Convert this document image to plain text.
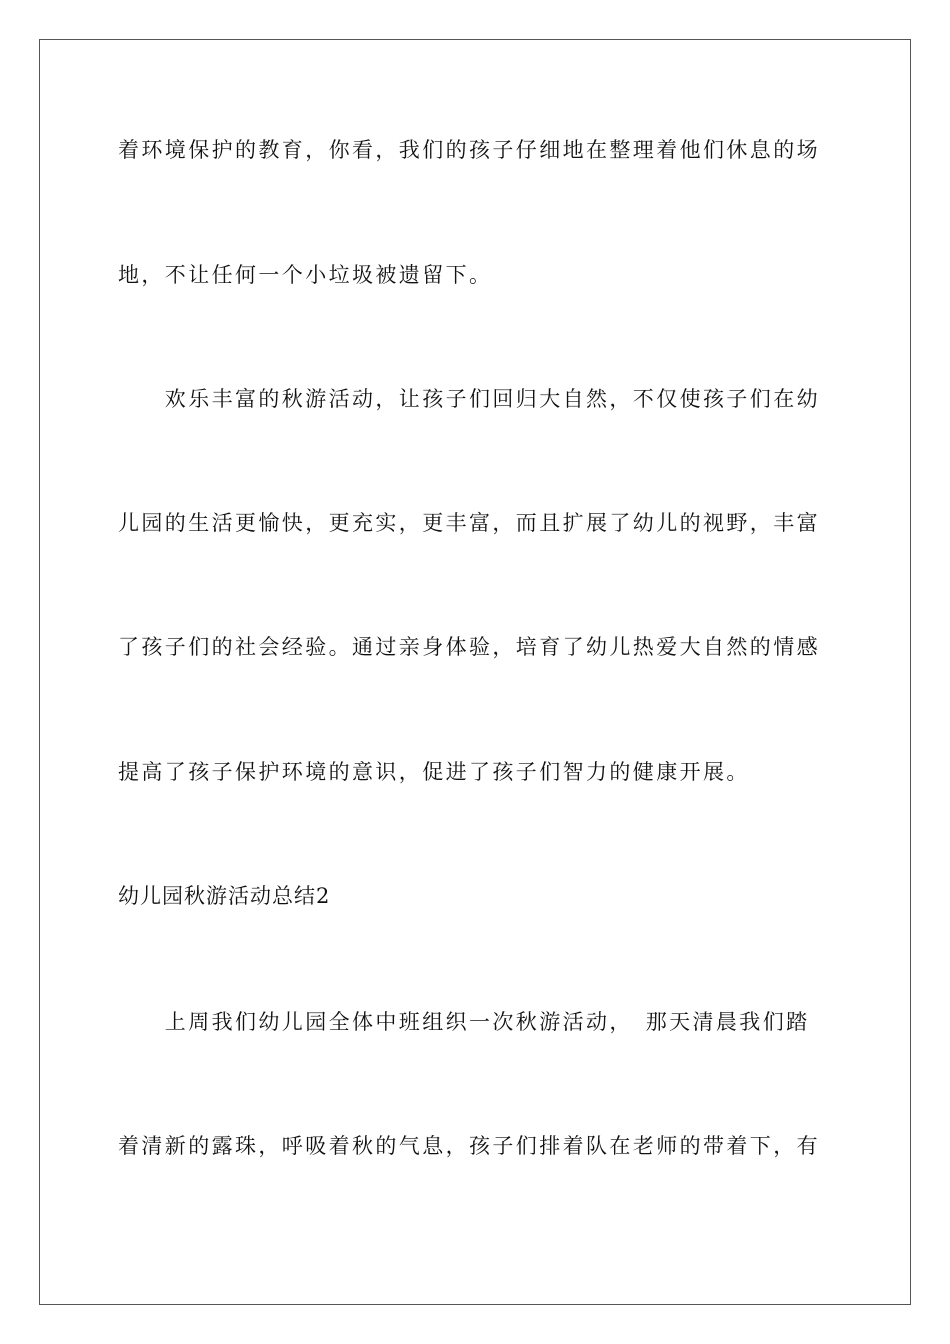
着环境保护的教育，你看，我们的孩子仔细地在整理着他们休息的场
地，不让任何一个小垃圾被遗留下。
　　欢乐丰富的秋游活动，让孩子们回归大自然，不仅使孩子们在幼
儿园的生活更愉快，更充实，更丰富，而且扩展了幼儿的视野，丰富
了孩子们的社会经验。通过亲身体验，培育了幼儿热爱大自然的情感
提高了孩子保护环境的意识，促进了孩子们智力的健康开展。
幼儿园秋游活动总结2
　　上周我们幼儿园全体中班组织一次秋游活动，　那天清晨我们踏
着清新的露珠，呼吸着秋的气息，孩子们排着队在老师的带着下，有
